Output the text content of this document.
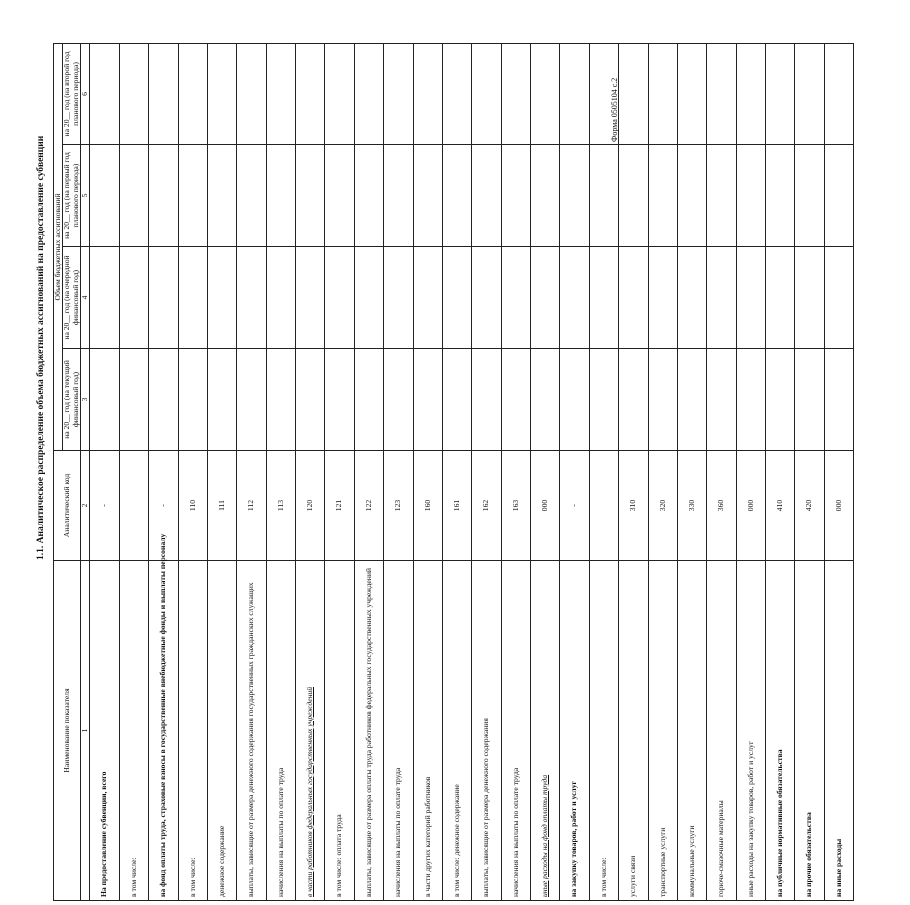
Форма 0505104 с.2
1.1. Аналитическое распределение объема бюджетных ассигнований на предоставление субвенции
Наименование показателя	Аналитический код	Объем бюджетных ассигнований			
		на 20__ год (на текущий финансовый год)	на 20__ год (на очередной финансовый год)	на 20__ год (на первый год планового периода)	на 20__ год (на второй год планового периода)
1	2	3	4	5	6
На предоставление субвенции, всего	-				
в том числе:					
на фонд оплаты труда, страховые взносы в государственные внебюджетные фонды и выплаты персоналу	-				
в том числе:	110				
денежное содержание	111				
выплаты, зависящие от размера денежного содержания государственных гражданских служащих	112				
начисления на выплаты по оплате труда	113				
в части работников федеральных государственных учреждений	120				
в том числе: оплата труда	121				
выплаты, зависящие от размера оплаты труда работников федеральных государственных учреждений	122				
начисления на выплаты по оплате труда	123				
в части других категорий работников	160				
в том числе: денежное содержание	161				
выплаты, зависящие от размера денежного содержания	162				
начисления на выплаты по оплате труда	163				
иные расходы на фонд оплаты труда	000				
на закупку товаров, работ и услуг	-				
в том числе:					
услуги связи	310				
транспортные услуги	320				
коммунальные услуги	330				
горюче-смазочные материалы	360				
иные расходы на закупку товаров, работ и услуг	000				
на публичные нормативные обязательства	410				
на прочие обязательства	420				
на иные расходы	000				
